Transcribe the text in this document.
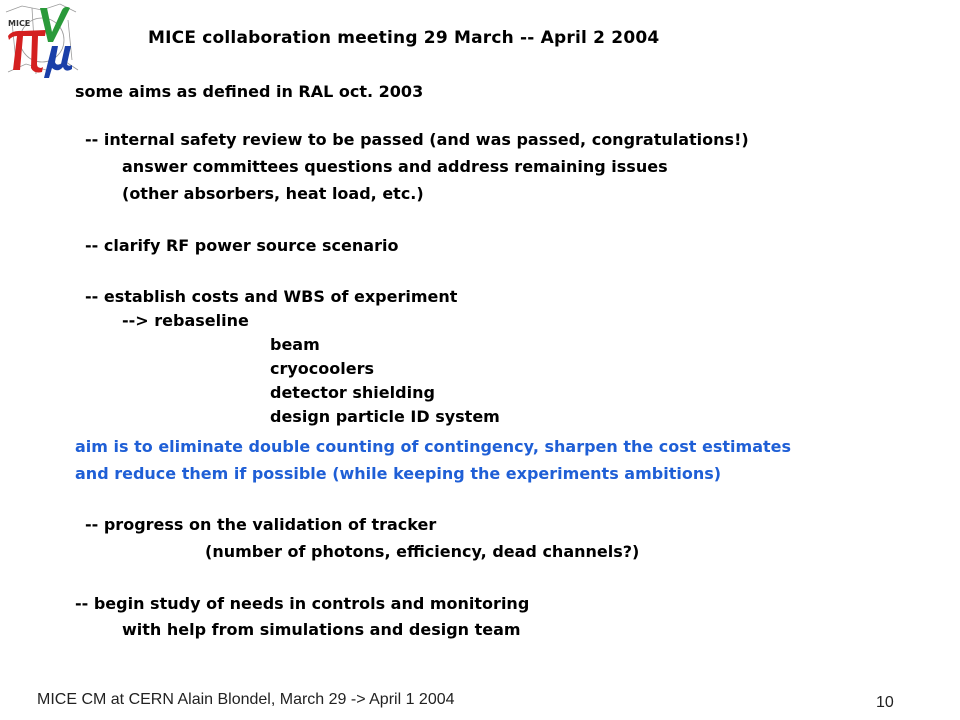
MICE
MICE collaboration meeting 29 March -- April 2 2004
some aims as defined in RAL oct. 2003
-- internal safety review to be passed (and was passed, congratulations!)
answer committees questions and address remaining issues
(other absorbers, heat load, etc.)
-- clarify RF power source scenario
-- establish costs and WBS of experiment
--> rebaseline
beam
cryocoolers
detector shielding
design particle ID system
aim is to eliminate double counting of contingency, sharpen the cost estimates
and reduce them if possible (while keeping the experiments ambitions)
-- progress on the validation of tracker
(number of photons, efficiency, dead channels?)
-- begin study of needs in controls and monitoring
with help from simulations and design team
MICE CM at CERN Alain Blondel, March 29 -> April 1 2004	10
